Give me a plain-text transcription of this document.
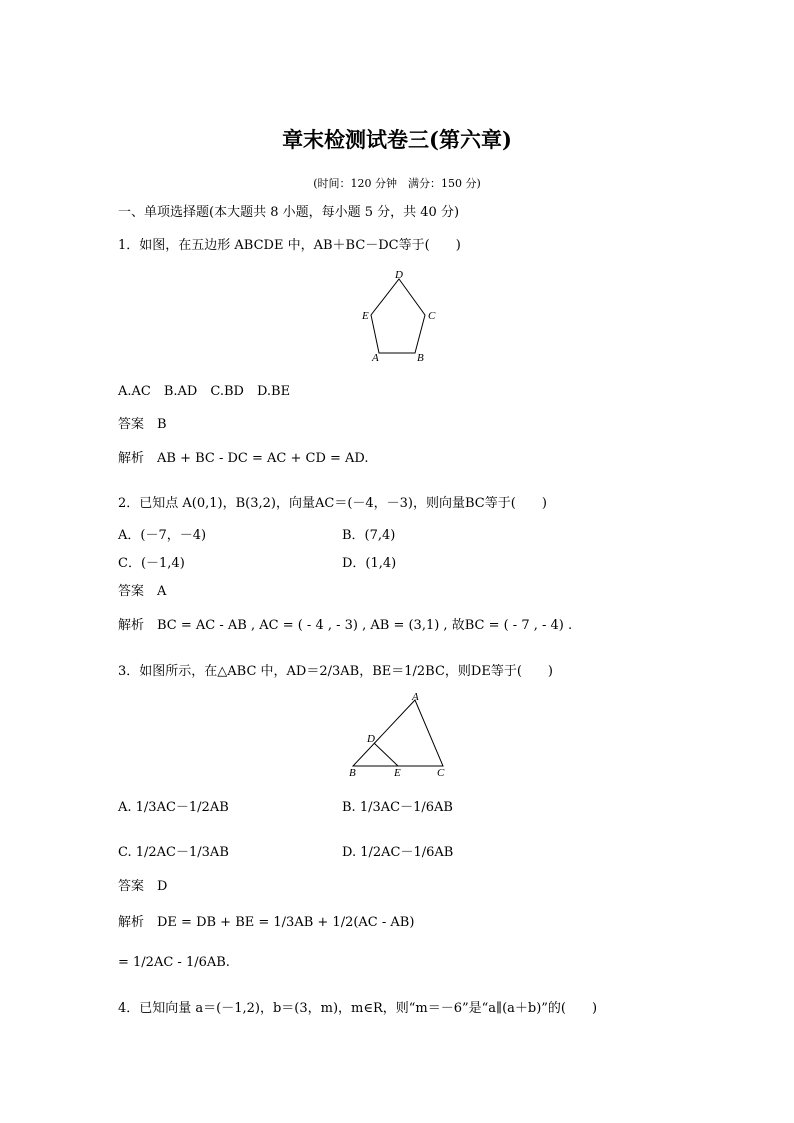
章末检测试卷三(第六章)
(时间：120 分钟　满分：150 分)
一、单项选择题(本大题共 8 小题，每小题 5 分，共 40 分)
1．如图，在五边形 ABCDE 中，AB＋BC－DC等于(　　)
D
E	C
A	B
A.AC　B.AD　C.BD　D.BE
答案　B
解析　AB + BC - DC = AC + CD = AD.
2．已知点 A(0,1)，B(3,2)，向量AC＝(－4，－3)，则向量BC等于(　　)
A．(－7，－4)	B．(7,4)
C．(－1,4)	D．(1,4)
答案　A
解析　BC = AC - AB , AC = ( - 4 , - 3) , AB = (3,1) , 故BC = ( - 7 , - 4) .
3．如图所示，在△ABC 中，AD＝2/3AB，BE＝1/2BC，则DE等于(　　)
A
D
B	E	C
A. 1/3AC－1/2AB	B. 1/3AC－1/6AB
C. 1/2AC－1/3AB	D. 1/2AC－1/6AB
答案　D
解析　DE = DB + BE = 1/3AB + 1/2(AC - AB)
= 1/2AC - 1/6AB.
4．已知向量 a＝(－1,2)，b＝(3，m)，m∈R，则“m＝－6”是“a∥(a＋b)”的(　　)
